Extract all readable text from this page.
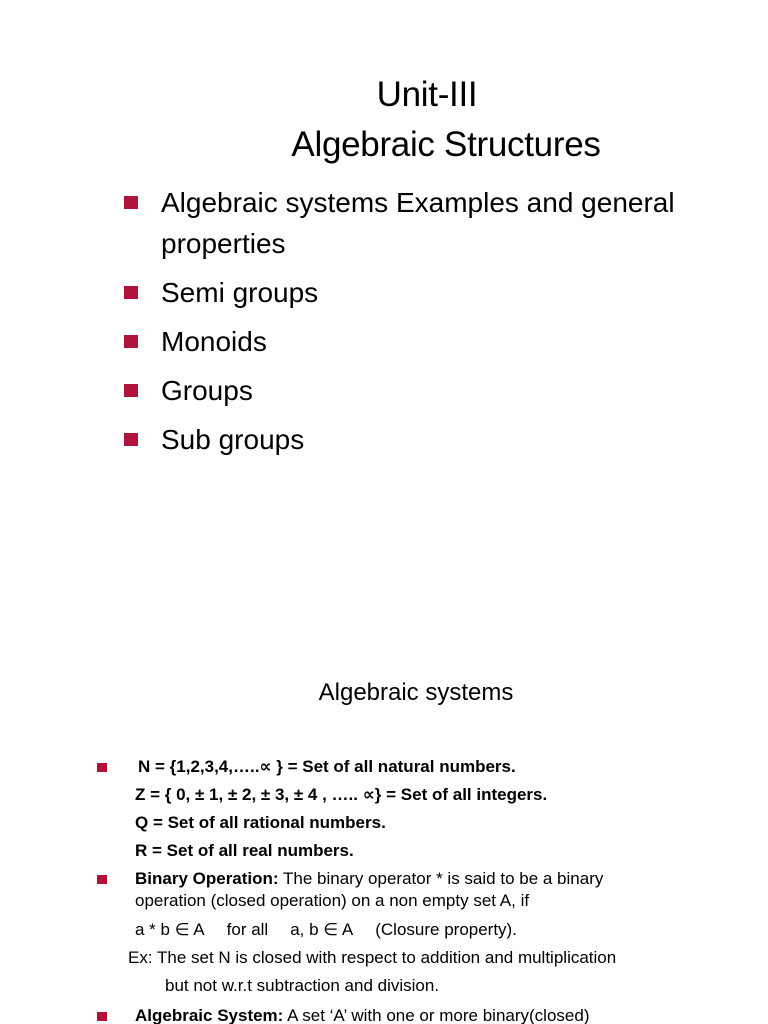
Unit-III
Algebraic Structures
Algebraic systems Examples and general
properties
Semi groups
Monoids
Groups
Sub groups
Algebraic systems
N = {1,2,3,4,…..∝ } = Set of all natural numbers.
Z = { 0, ± 1, ± 2, ± 3, ± 4 , ….. ∝} = Set of all integers.
Q = Set of all rational numbers.
R = Set of all real numbers.
Binary Operation: The binary operator * is said to be a binary
operation (closed operation) on a non empty set A, if
a * b ∈ A for all a, b ∈ A (Closure property).
Ex: The set N is closed with respect to addition and multiplication
but not w.r.t subtraction and division.
Algebraic System: A set ‘A’ with one or more binary(closed)
